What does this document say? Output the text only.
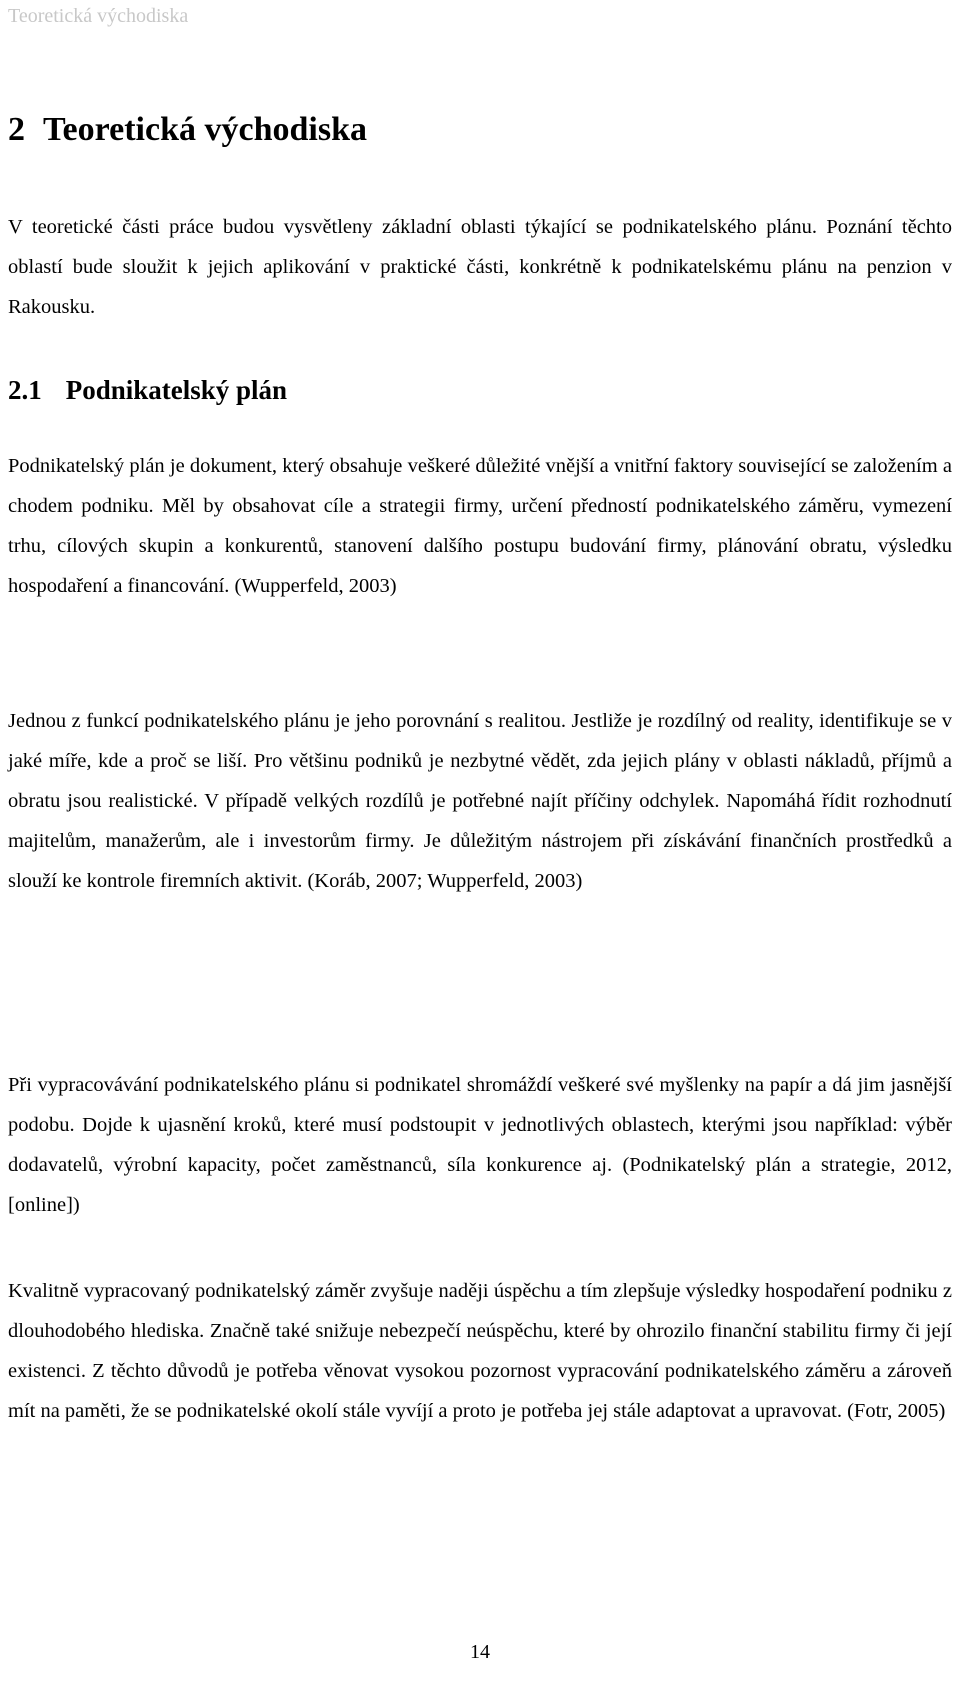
Teoretická východiska
2 Teoretická východiska

V teoretické části práce budou vysvětleny základní oblasti týkající se podnikatelského plánu. Poznání těchto oblastí bude sloužit k jejich aplikování v praktické části, konkrétně k podnikatelskému plánu na penzion v Rakousku.

2.1 Podnikatelský plán

Podnikatelský plán je dokument, který obsahuje veškeré důležité vnější a vnitřní faktory související se založením a chodem podniku. Měl by obsahovat cíle a strategii firmy, určení předností podnikatelského záměru, vymezení trhu, cílových skupin a konkurentů, stanovení dalšího postupu budování firmy, plánování obratu, výsledku hospodaření a financování. (Wupperfeld, 2003)

Jednou z funkcí podnikatelského plánu je jeho porovnání s realitou. Jestliže je rozdílný od reality, identifikuje se v jaké míře, kde a proč se liší. Pro většinu podniků je nezbytné vědět, zda jejich plány v oblasti nákladů, příjmů a obratu jsou realistické. V případě velkých rozdílů je potřebné najít příčiny odchylek. Napomáhá řídit rozhodnutí majitelům, manažerům, ale i investorům firmy. Je důležitým nástrojem při získávání finančních prostředků a slouží ke kontrole firemních aktivit. (Koráb, 2007; Wupperfeld, 2003)

Při vypracovávání podnikatelského plánu si podnikatel shromáždí veškeré své myšlenky na papír a dá jim jasnější podobu. Dojde k ujasnění kroků, které musí podstoupit v jednotlivých oblastech, kterými jsou například: výběr dodavatelů, výrobní kapacity, počet zaměstnanců, síla konkurence aj. (Podnikatelský plán a strategie, 2012, [online])

Kvalitně vypracovaný podnikatelský záměr zvyšuje naději úspěchu a tím zlepšuje výsledky hospodaření podniku z dlouhodobého hlediska. Značně také snižuje nebezpečí neúspěchu, které by ohrozilo finanční stabilitu firmy či její existenci. Z těchto důvodů je potřeba věnovat vysokou pozornost vypracování podnikatelského záměru a zároveň mít na paměti, že se podnikatelské okolí stále vyvíjí a proto je potřeba jej stále adaptovat a upravovat. (Fotr, 2005)

14
